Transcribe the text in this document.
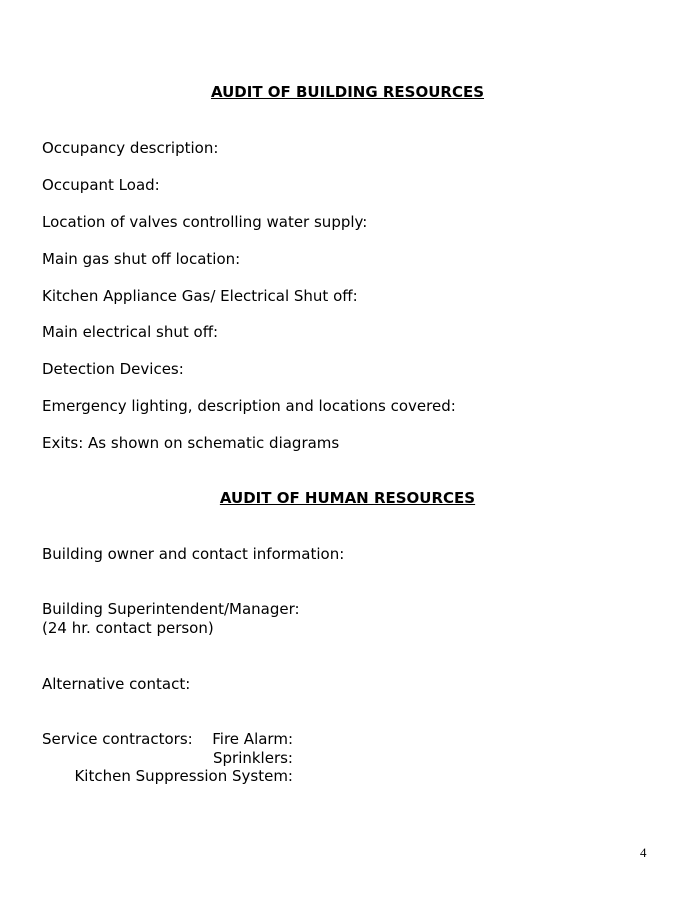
AUDIT OF BUILDING RESOURCES
Occupancy description:
Occupant Load:
Location of valves controlling water supply:
Main gas shut off location:
Kitchen Appliance Gas/ Electrical Shut off:
Main electrical shut off:
Detection Devices:
Emergency lighting, description and locations covered:
Exits: As shown on schematic diagrams
AUDIT OF HUMAN RESOURCES
Building owner and contact information:
Building Superintendent/Manager:
(24 hr. contact person)
Alternative contact:
Service contractors: Fire Alarm:
Sprinklers:
Kitchen Suppression System:
4
